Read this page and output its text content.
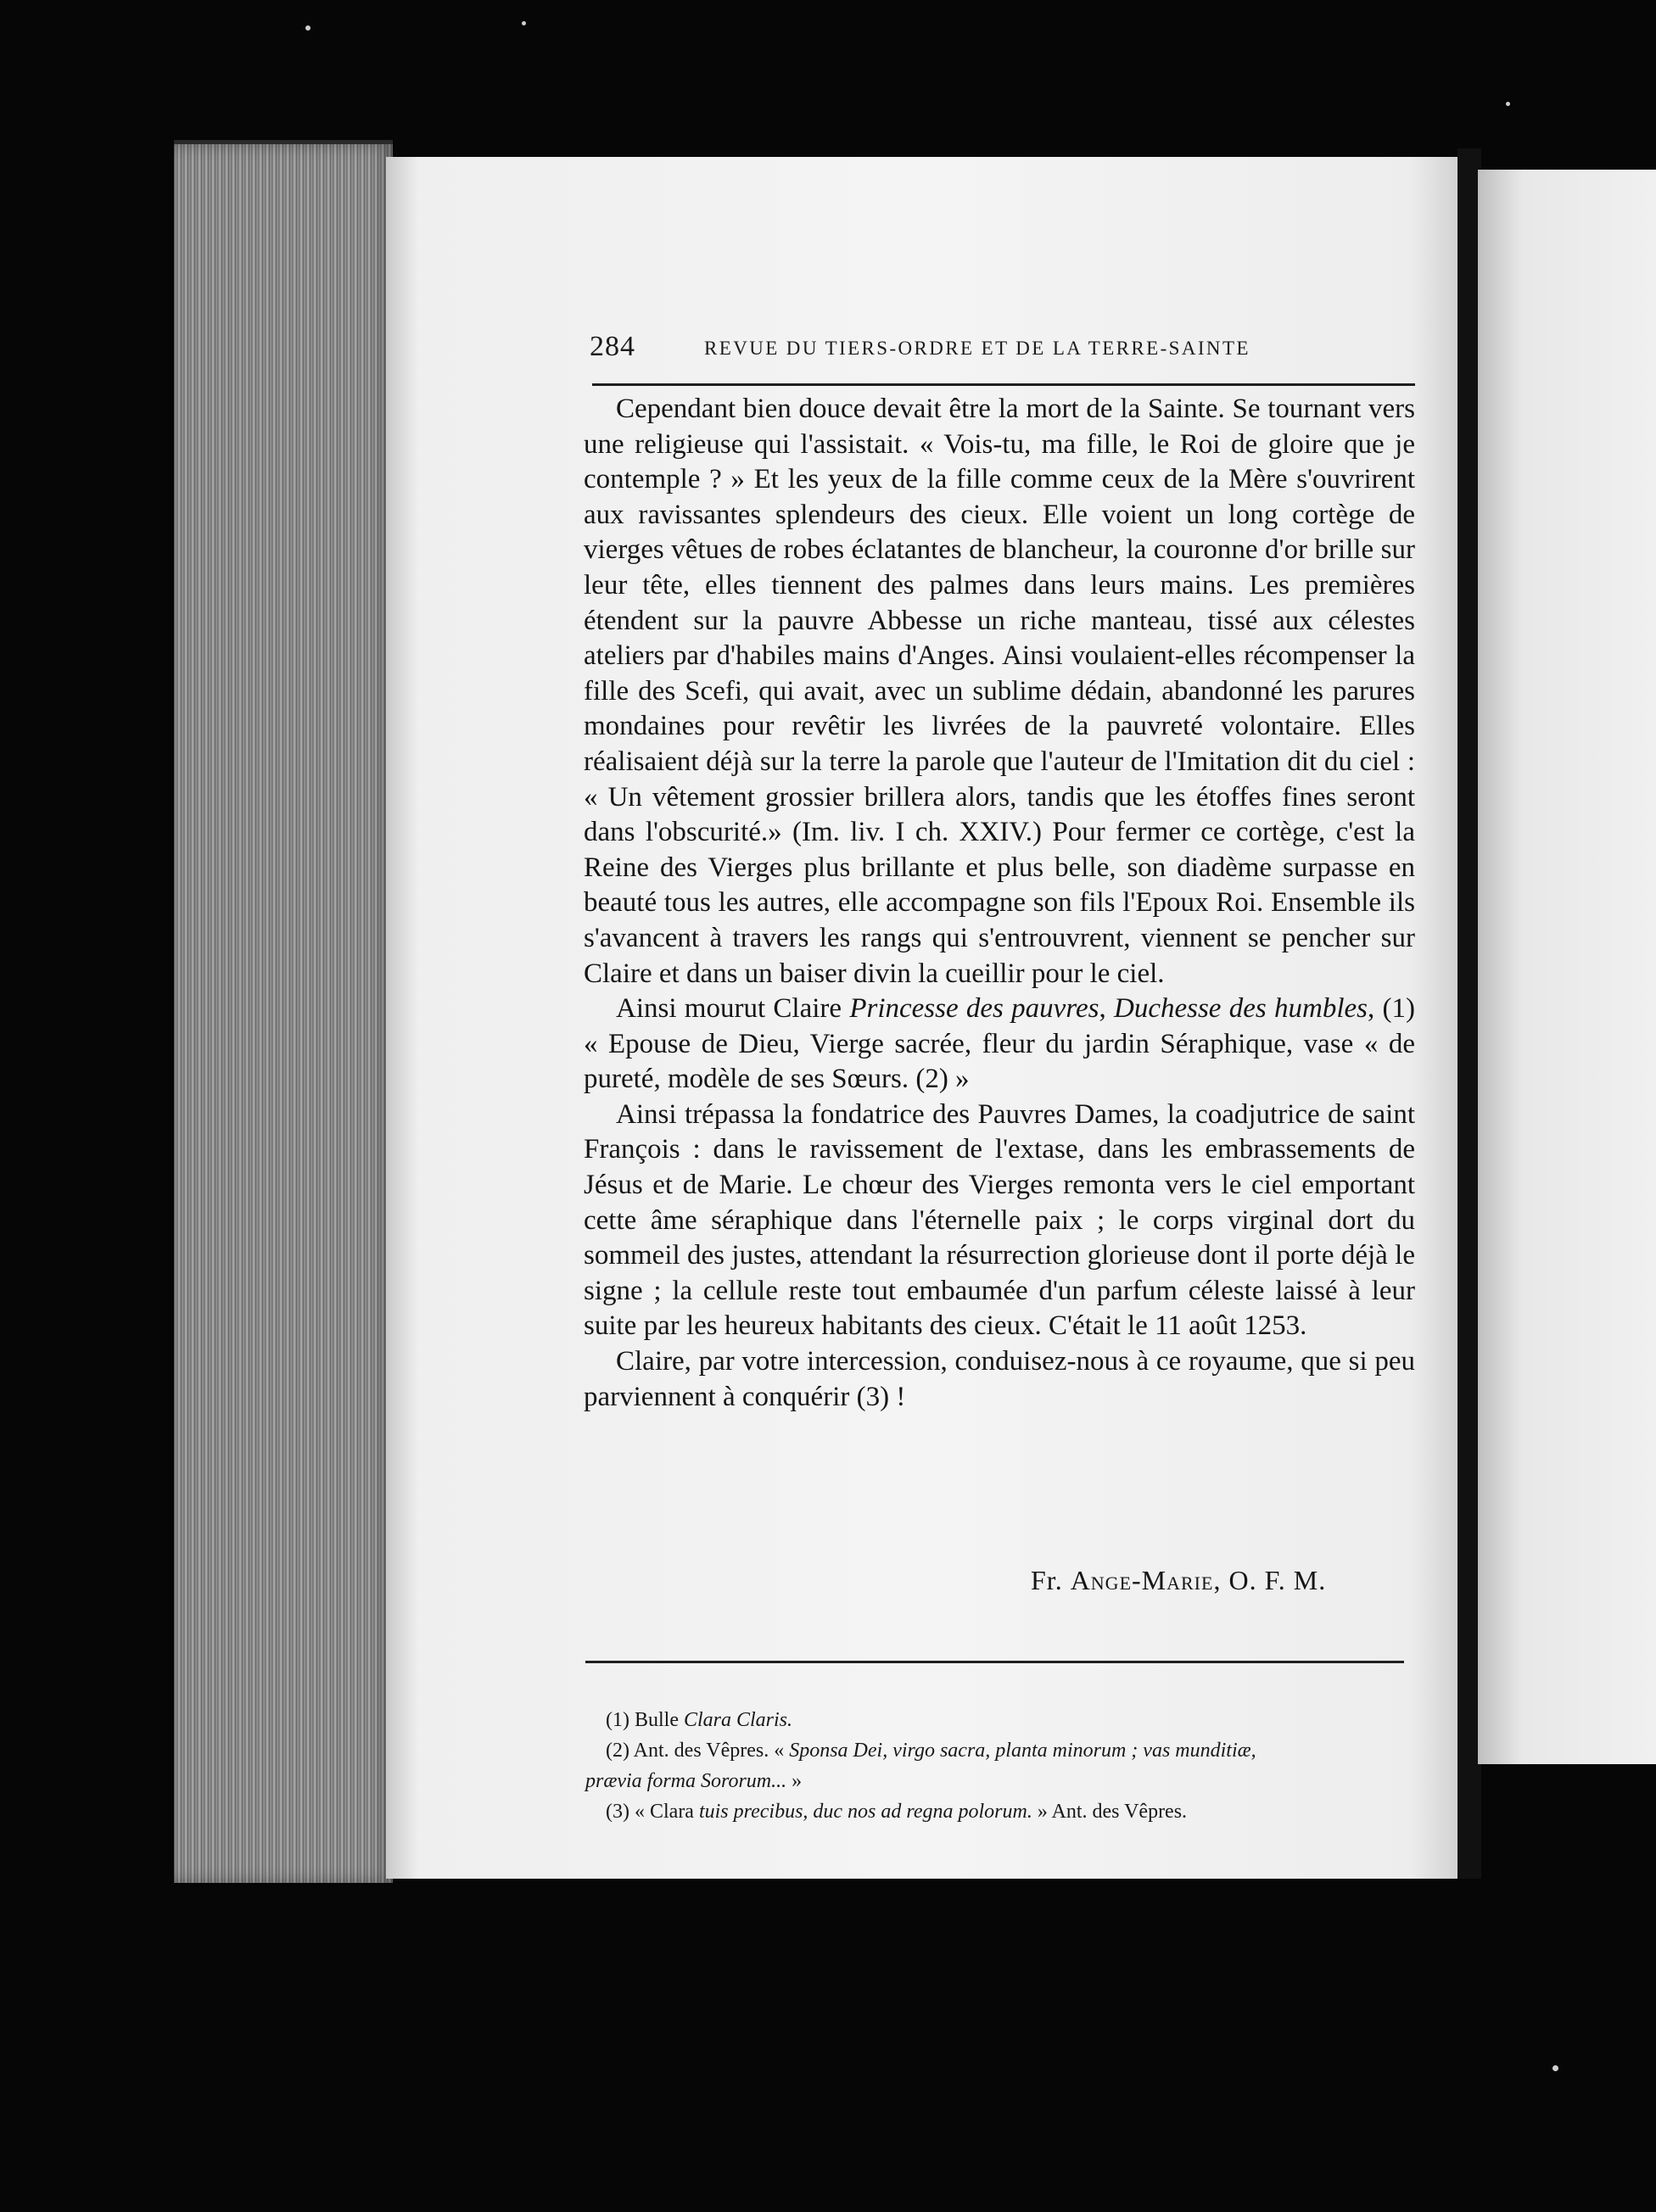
284	REVUE DU TIERS-ORDRE ET DE LA TERRE-SAINTE

Cependant bien douce devait être la mort de la Sainte. Se tournant vers une religieuse qui l'assistait. « Vois-tu, ma fille, le Roi de gloire que je contemple ? » Et les yeux de la fille comme ceux de la Mère s'ouvrirent aux ravissantes splendeurs des cieux. Elle voient un long cortège de vierges vêtues de robes éclatantes de blancheur, la couronne d'or brille sur leur tête, elles tiennent des palmes dans leurs mains. Les premières étendent sur la pauvre Abbesse un riche manteau, tissé aux célestes ateliers par d'habiles mains d'Anges. Ainsi voulaient-elles récompenser la fille des Scefi, qui avait, avec un sublime dédain, abandonné les parures mondaines pour revêtir les livrées de la pauvreté volontaire. Elles réalisaient déjà sur la terre la parole que l'auteur de l'Imitation dit du ciel : « Un vêtement grossier brillera alors, tandis que les étoffes fines seront dans l'obscurité.» (Im. liv. I ch. XXIV.) Pour fermer ce cortège, c'est la Reine des Vierges plus brillante et plus belle, son diadème surpasse en beauté tous les autres, elle accompagne son fils l'Epoux Roi. Ensemble ils s'avancent à travers les rangs qui s'entrouvrent, viennent se pencher sur Claire et dans un baiser divin la cueillir pour le ciel.

Ainsi mourut Claire Princesse des pauvres, Duchesse des humbles, (1) « Epouse de Dieu, Vierge sacrée, fleur du jardin Séraphique, vase « de pureté, modèle de ses Sœurs. (2) »

Ainsi trépassa la fondatrice des Pauvres Dames, la coadjutrice de saint François : dans le ravissement de l'extase, dans les embrassements de Jésus et de Marie. Le chœur des Vierges remonta vers le ciel emportant cette âme séraphique dans l'éternelle paix ; le corps virginal dort du sommeil des justes, attendant la résurrection glorieuse dont il porte déjà le signe ; la cellule reste tout embaumée d'un parfum céleste laissé à leur suite par les heureux habitants des cieux. C'était le 11 août 1253.

Claire, par votre intercession, conduisez-nous à ce royaume, que si peu parviennent à conquérir (3) !

Fr. Ange-Marie, O. F. M.
(1) Bulle Clara Claris.
(2) Ant. des Vêpres. « Sponsa Dei, virgo sacra, planta minorum ; vas munditiæ,
prævia forma Sororum... »
(3) « Clara tuis precibus, duc nos ad regna polorum. » Ant. des Vêpres.
